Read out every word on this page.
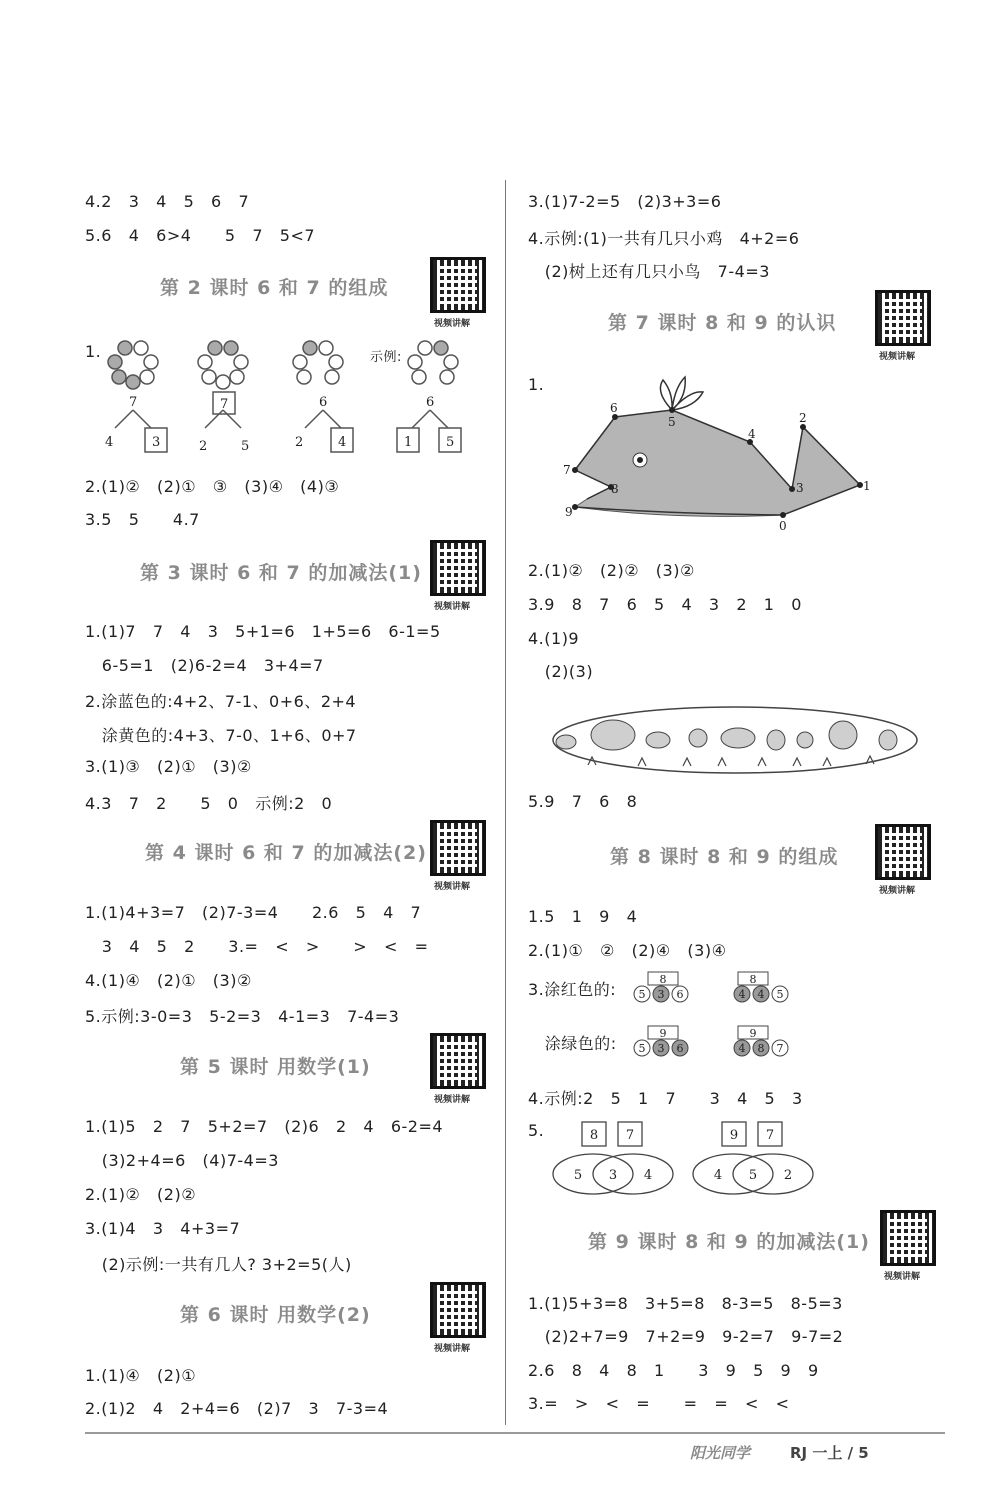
4.2   3   4   5   6   7
5.6   4   6>4      5   7   5<7
第 2 课时 6 和 7 的组成
视频讲解
1.	示例:
7
4	3
7
2	5
6
2	4
6
1	5
2.(1)②   (2)①   ③   (3)④   (4)③
3.5   5      4.7
第 3 课时 6 和 7 的加减法(1)
视频讲解
1.(1)7   7   4   3   5+1=6   1+5=6   6-1=5
6-5=1   (2)6-2=4   3+4=7
2.涂蓝色的:4+2、7-1、0+6、2+4
涂黄色的:4+3、7-0、1+6、0+7
3.(1)③   (2)①   (3)②
4.3   7   2      5   0   示例:2   0
第 4 课时 6 和 7 的加减法(2)
视频讲解
1.(1)4+3=7   (2)7-3=4      2.6   5   4   7
3   4   5   2      3.=   <   >      >   <   =
4.(1)④   (2)①   (3)②
5.示例:3-0=3   5-2=3   4-1=3   7-4=3
第 5 课时 用数学(1)
视频讲解
1.(1)5   2   7   5+2=7   (2)6   2   4   6-2=4
(3)2+4=6   (4)7-4=3
2.(1)②   (2)②
3.(1)4   3   4+3=7
(2)示例:一共有几人? 3+2=5(人)
第 6 课时 用数学(2)
视频讲解
1.(1)④   (2)①
2.(1)2   4   2+4=6   (2)7   3   7-3=4
3.(1)7-2=5   (2)3+3=6
4.示例:(1)一共有几只小鸡   4+2=6
(2)树上还有几只小鸟   7-4=3
第 7 课时 8 和 9 的认识
视频讲解
1.
0
1
2
3
4
5
6
7
8
9
2.(1)②   (2)②   (3)②
3.9   8   7   6   5   4   3   2   1   0
4.(1)9
(2)(3)
5.9   7   6   8
第 8 课时 8 和 9 的组成
视频讲解
1.5   1   9   4
2.(1)①   ②   (2)④   (3)④
3.涂红色的:
涂绿色的:
8
3 6
5
8
4 4 5
9
5 3 6
9
4 8 7
4.示例:2   5   1   7      3   4   5   3
5.	8 7
5 3 4
9 7
4 5 2
第 9 课时 8 和 9 的加减法(1)
视频讲解
1.(1)5+3=8   3+5=8   8-3=5   8-5=3
(2)2+7=9   7+2=9   9-2=7   9-7=2
2.6   8   4   8   1      3   9   5   9   9
3.=   >   <   =      =   =   <   <
阳光同学	RJ 一上 / 5
